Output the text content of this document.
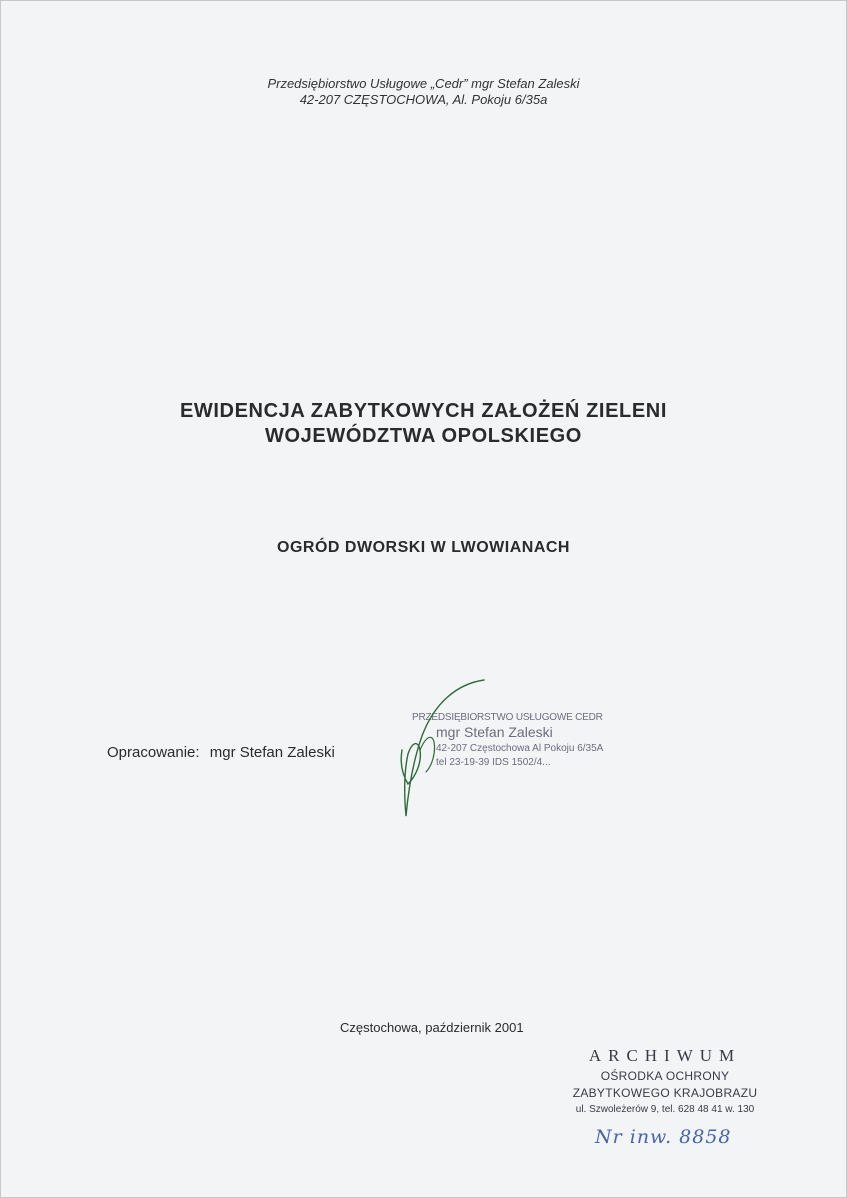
Przedsiębiorstwo Usługowe „Cedr” mgr Stefan Zaleski
42-207 CZĘSTOCHOWA, Al. Pokoju 6/35a
EWIDENCJA ZABYTKOWYCH ZAŁOŻEŃ ZIELENI
WOJEWÓDZTWA OPOLSKIEGO
OGRÓD DWORSKI W LWOWIANACH
Opracowanie: mgr Stefan Zaleski
PRZEDSIĘBIORSTWO USŁUGOWE CEDR
mgr Stefan Zaleski
42-207 Częstochowa Al Pokoju 6/35A
tel 23-19-39 IDS 1502/4...
Częstochowa, październik 2001
ARCHIWUM
OŚRODKA OCHRONY
ZABYTKOWEGO KRAJOBRAZU
ul. Szwoleżerów 9, tel. 628 48 41 w. 130
Nr inw. 8858
